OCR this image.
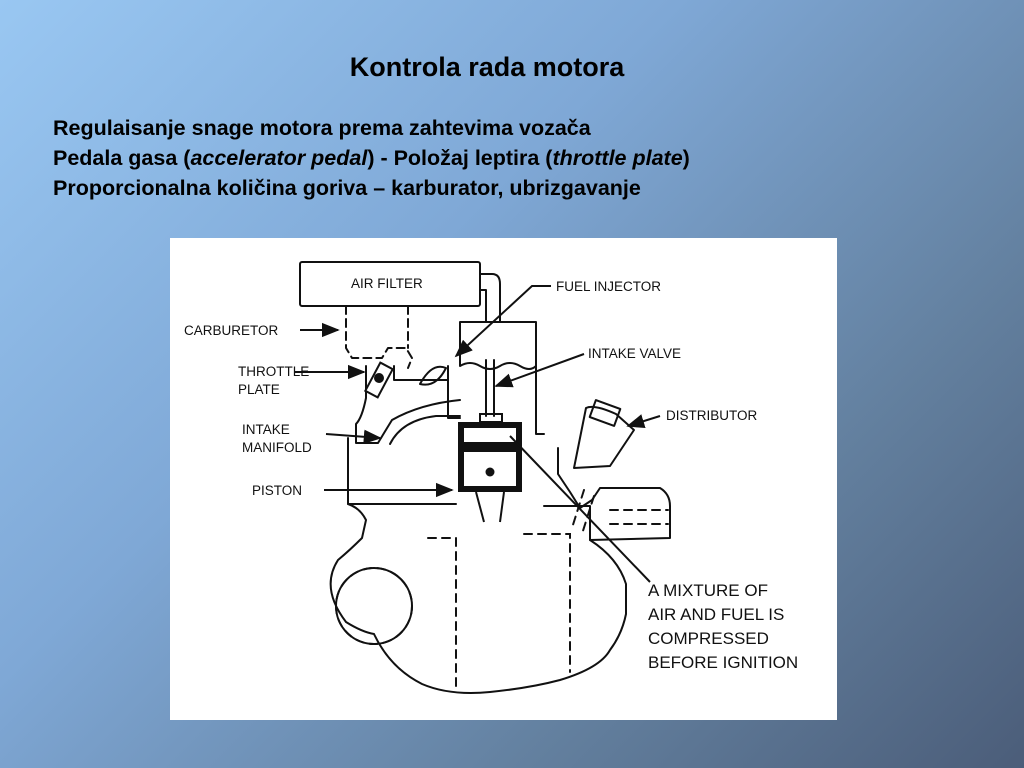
Kontrola rada motora
Regulaisanje snage motora prema zahtevima vozača
Pedala gasa (accelerator pedal) - Položaj leptira (throttle plate)
Proporcionalna količina goriva – karburator, ubrizgavanje
AIR FILTER	FUEL INJECTOR
CARBURETOR
INTAKE VALVE
THROTTLE
PLATE
DISTRIBUTOR
INTAKE
MANIFOLD
PISTON
A MIXTURE OF
AIR AND FUEL IS
COMPRESSED
BEFORE IGNITION
